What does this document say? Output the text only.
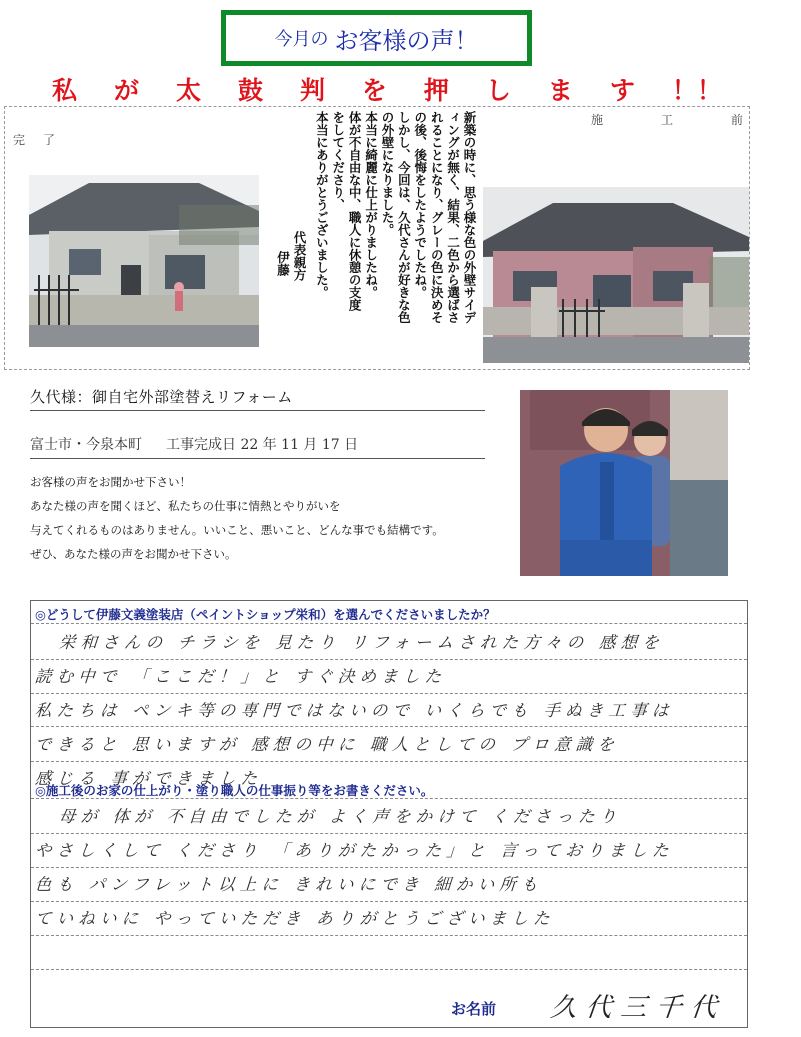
今月の お客様の声！
私 が 太 鼓 判 を 押 し ま す ！！
完了
施工前
新築の時に、思う様な色の外壁サイデ
ィングが無く、結果、二色から選ばさ
れることになり、グレーの色に決めそ
の後、後悔をしたようでしたね。
しかし、今回は、久代さんが好きな色
の外壁になりました。
本当に綺麗に仕上がりましたね。
体が不自由な中、職人に休憩の支度
をしてくださり、
本当にありがとうございました。
代表親方
伊藤
久代様：御自宅外部塗替えリフォーム
富士市・今泉本町 工事完成日 22 年 11 月 17 日
お客様の声をお聞かせ下さい！
あなた様の声を聞くほど、私たちの仕事に情熱とやりがいを
与えてくれるものはありません。いいこと、悪いこと、どんな事でも結構です。
ぜひ、あなた様の声をお聞かせ下さい。
◎どうして伊藤文義塗装店（ペイントショップ栄和）を選んでくださいましたか？
栄和さんの チラシを 見たり リフォームされた方々の 感想を
読む中で 「ここだ！」と すぐ決めました
私たちは ペンキ等の専門ではないので いくらでも 手ぬき工事は
できると 思いますが 感想の中に 職人としての プロ意識を
感じる 事ができました
◎施工後のお家の仕上がり・塗り職人の仕事振り等をお書きください。
母が 体が 不自由でしたが よく声をかけて くださったり
やさしくして くださり 「ありがたかった」と 言っておりました
色も パンフレット以上に きれいにでき 細かい所も
ていねいに やっていただき ありがとうございました
お名前 久代三千代
